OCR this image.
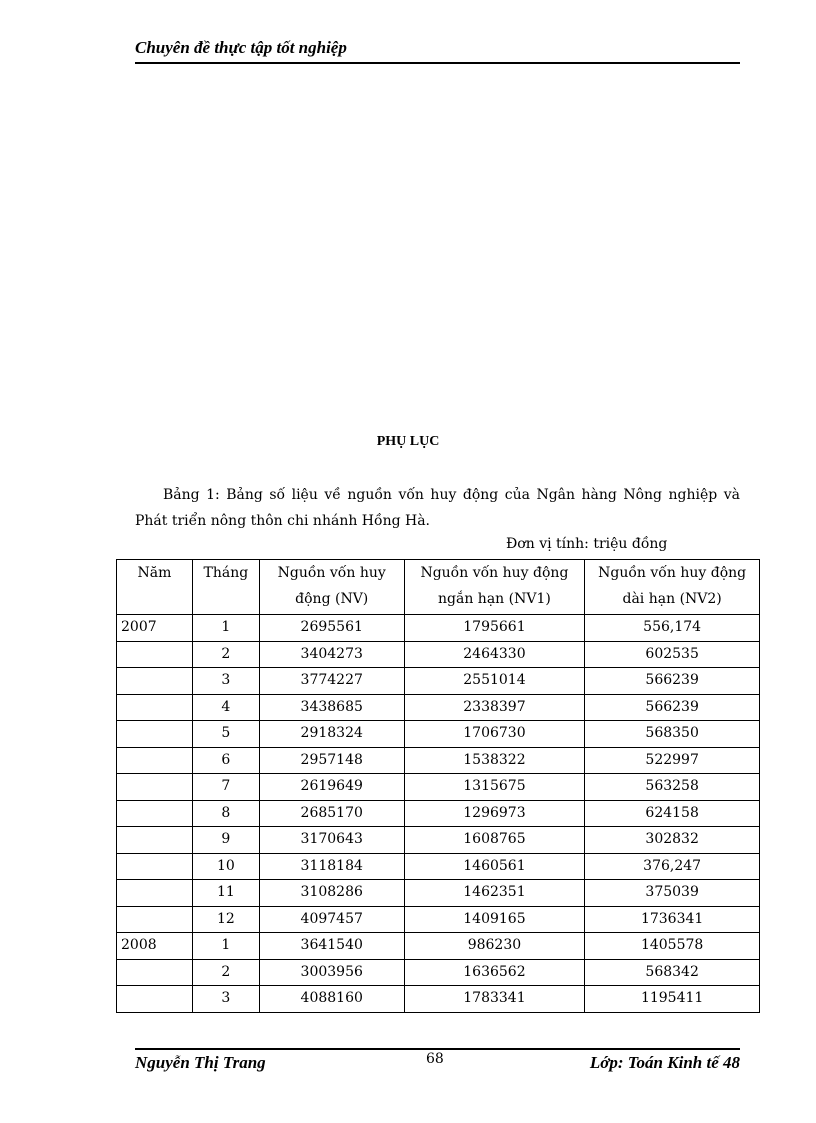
Chuyên đề thực tập tốt nghiệp
PHỤ LỤC
Bảng 1: Bảng số liệu về nguồn vốn huy động của Ngân hàng Nông nghiệp và Phát triển nông thôn chi nhánh Hồng Hà.
Đơn vị tính: triệu đồng
Năm	Tháng	Nguồn vốn huy động (NV)	Nguồn vốn huy động ngắn hạn (NV1)	Nguồn vốn huy động dài hạn (NV2)
2007	1	2695561	1795661	556,174
	2	3404273	2464330	602535
	3	3774227	2551014	566239
	4	3438685	2338397	566239
	5	2918324	1706730	568350
	6	2957148	1538322	522997
	7	2619649	1315675	563258
	8	2685170	1296973	624158
	9	3170643	1608765	302832
	10	3118184	1460561	376,247
	11	3108286	1462351	375039
	12	4097457	1409165	1736341
2008	1	3641540	986230	1405578
	2	3003956	1636562	568342
	3	4088160	1783341	1195411
Nguyễn Thị Trang	68	Lớp: Toán Kinh tế 48
